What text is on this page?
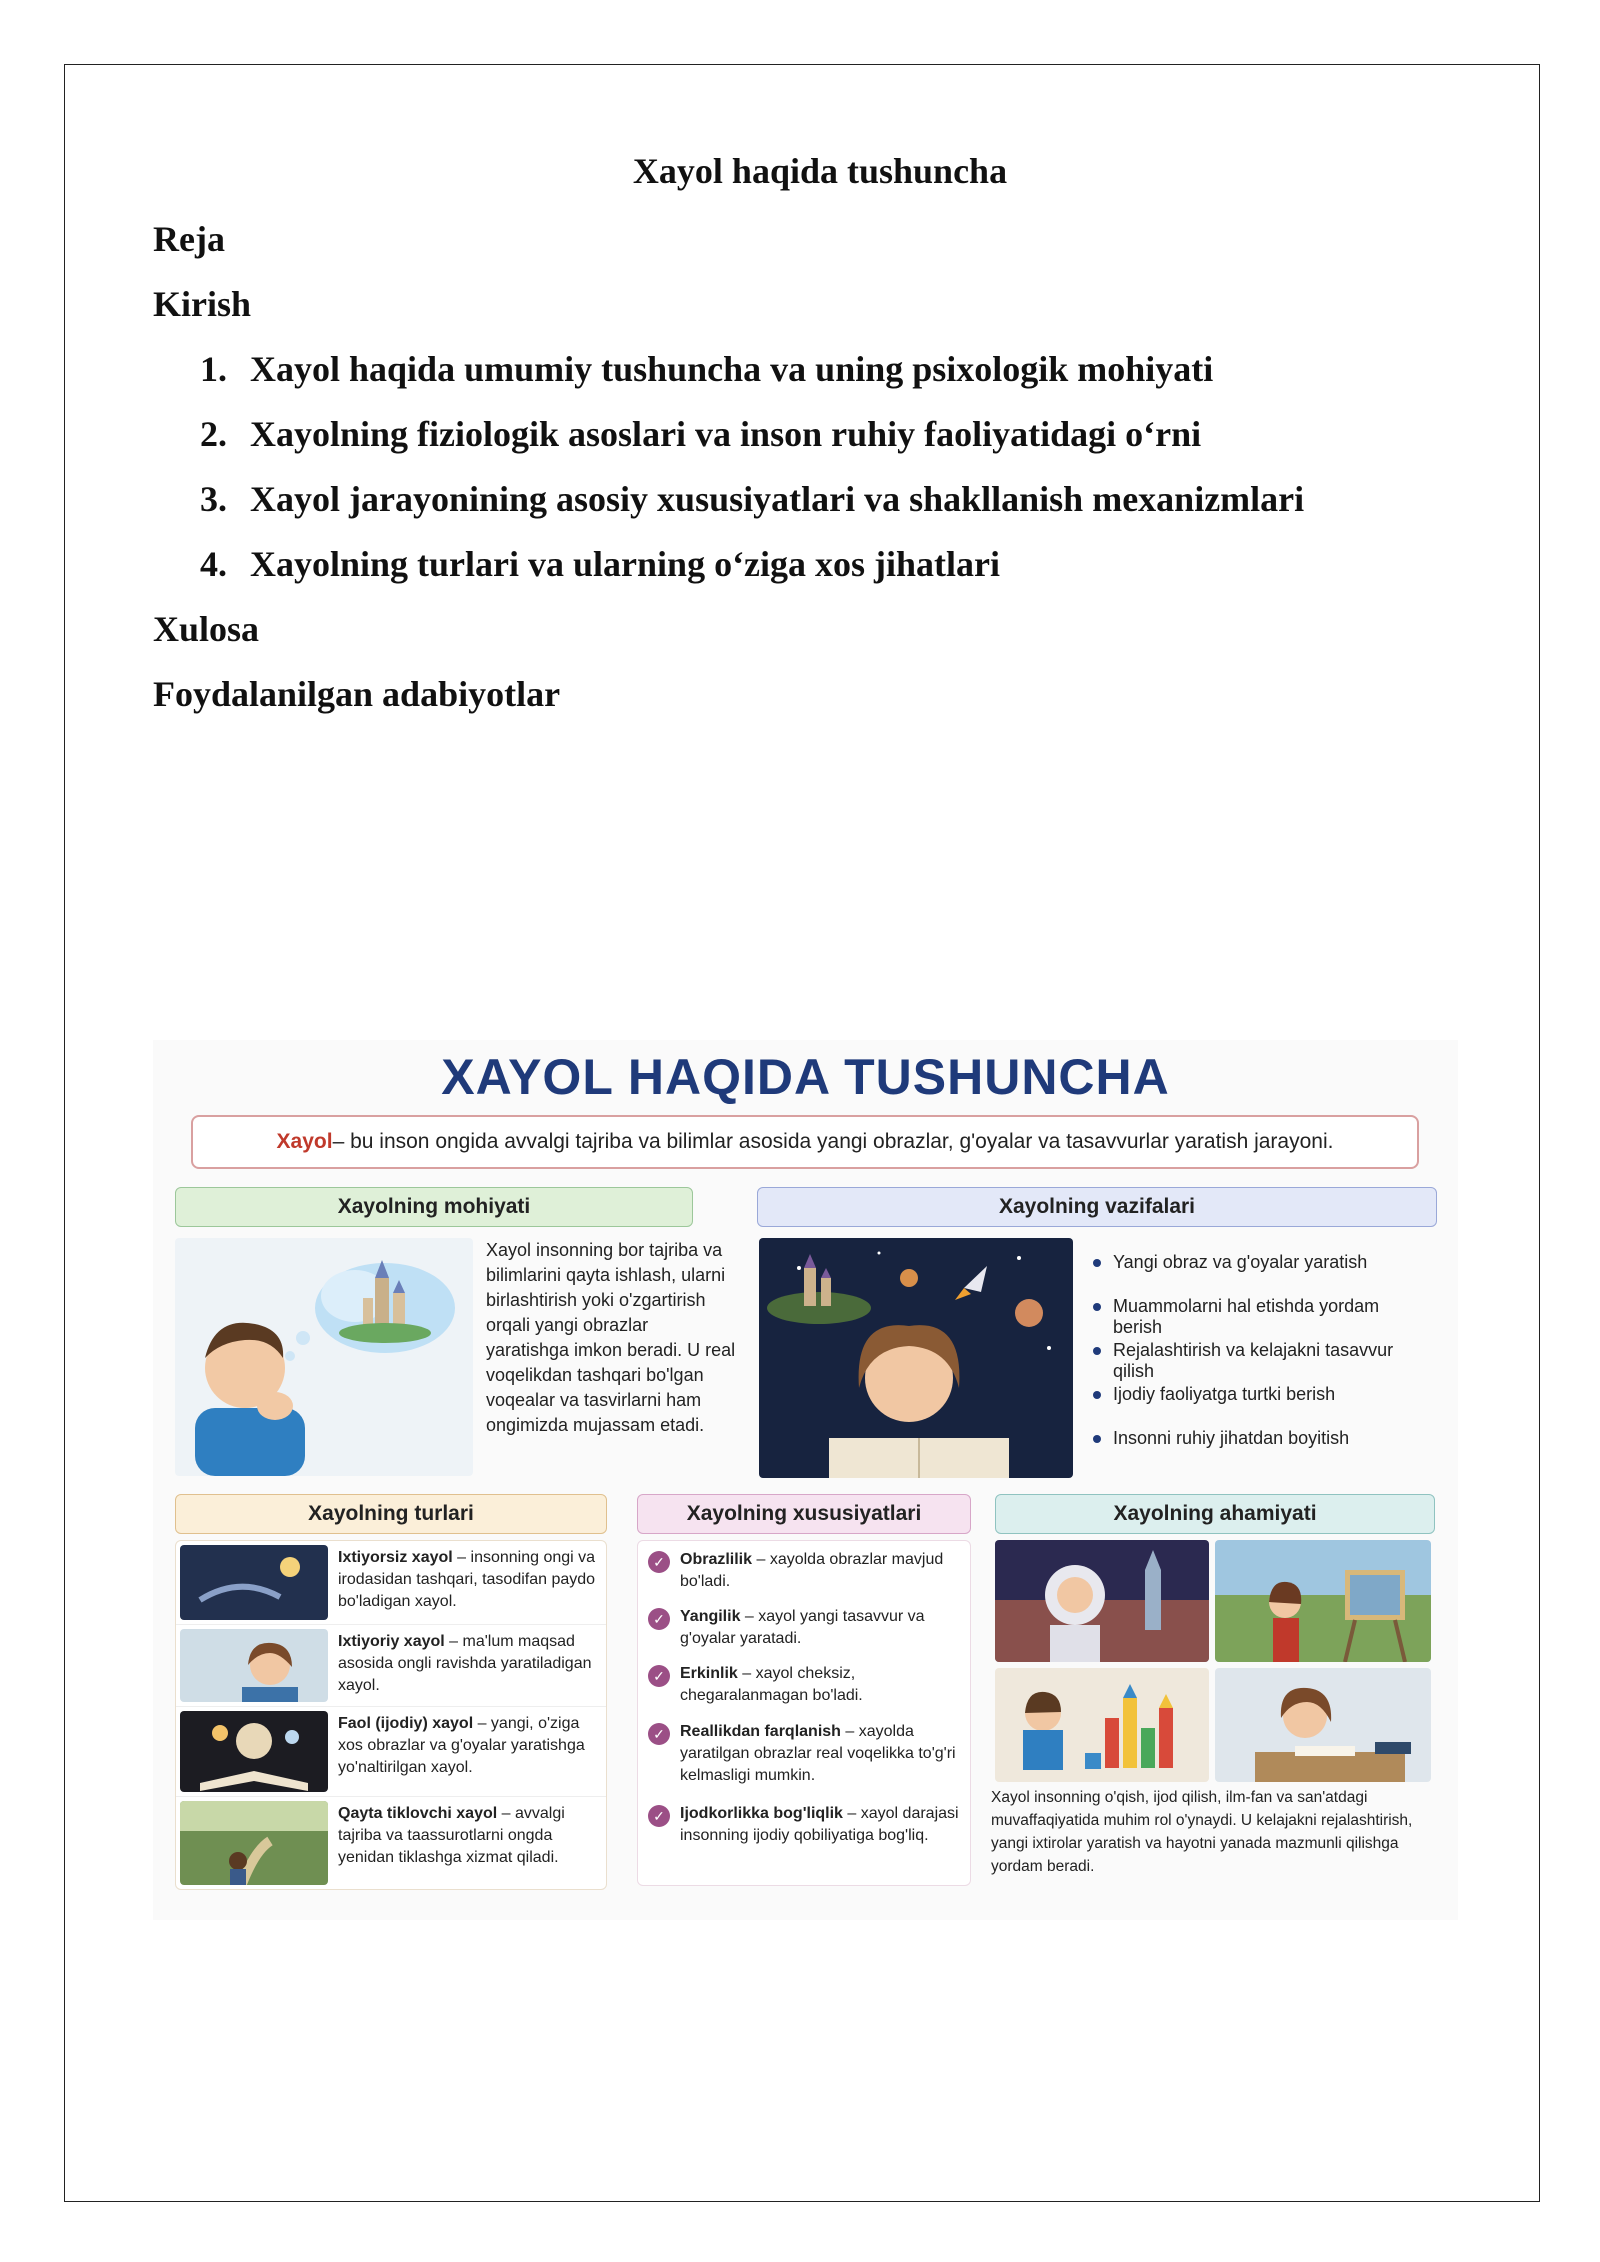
Xayol haqida tushuncha
Reja
Kirish
1. Xayol haqida umumiy tushuncha va uning psixologik mohiyati
2. Xayolning fiziologik asoslari va inson ruhiy faoliyatidagi o‘rni
3. Xayol jarayonining asosiy xususiyatlari va shakllanish mexanizmlari
4. Xayolning turlari va ularning o‘ziga xos jihatlari
Xulosa
Foydalanilgan adabiyotlar
XAYOL HAQIDA TUSHUNCHA
Xayol – bu inson ongida avvalgi tajriba va bilimlar asosida yangi obrazlar, g'oyalar va tasavvurlar yaratish jarayoni.
Xayolning mohiyati
Xayol insonning bor tajriba va bilimlarini qayta ishlash, ularni birlashtirish yoki o'zgartirish orqali yangi obrazlar yaratishga imkon beradi. U real voqelikdan tashqari bo'lgan voqealar va tasvirlarni ham ongimizda mujassam etadi.
Xayolning vazifalari
Yangi obraz va g'oyalar yaratish
Muammolarni hal etishda yordam berish
Rejalashtirish va kelajakni tasavvur qilish
Ijodiy faoliyatga turtki berish
Insonni ruhiy jihatdan boyitish
Xayolning turlari
Ixtiyorsiz xayol – insonning ongi va irodasidan tashqari, tasodifan paydo bo'ladigan xayol.
Ixtiyoriy xayol – ma'lum maqsad asosida ongli ravishda yaratiladigan xayol.
Faol (ijodiy) xayol – yangi, o'ziga xos obrazlar va g'oyalar yaratishga yo'naltirilgan xayol.
Qayta tiklovchi xayol – avvalgi tajriba va taassurotlarni ongda yenidan tiklashga xizmat qiladi.
Xayolning xususiyatlari
✓ Obrazlilik – xayolda obrazlar mavjud bo'ladi.
✓ Yangilik – xayol yangi tasavvur va g'oyalar yaratadi.
✓ Erkinlik – xayol cheksiz, chegaralanmagan bo'ladi.
✓ Reallikdan farqlanish – xayolda yaratilgan obrazlar real voqelikka to'g'ri kelmasligi mumkin.
✓ Ijodkorlikka bog'liqlik – xayol darajasi insonning ijodiy qobiliyatiga bog'liq.
Xayolning ahamiyati
Xayol insonning o'qish, ijod qilish, ilm-fan va san'atdagi muvaffaqiyatida muhim rol o'ynaydi. U kelajakni rejalashtirish, yangi ixtirolar yaratish va hayotni yanada mazmunli qilishga yordam beradi.
